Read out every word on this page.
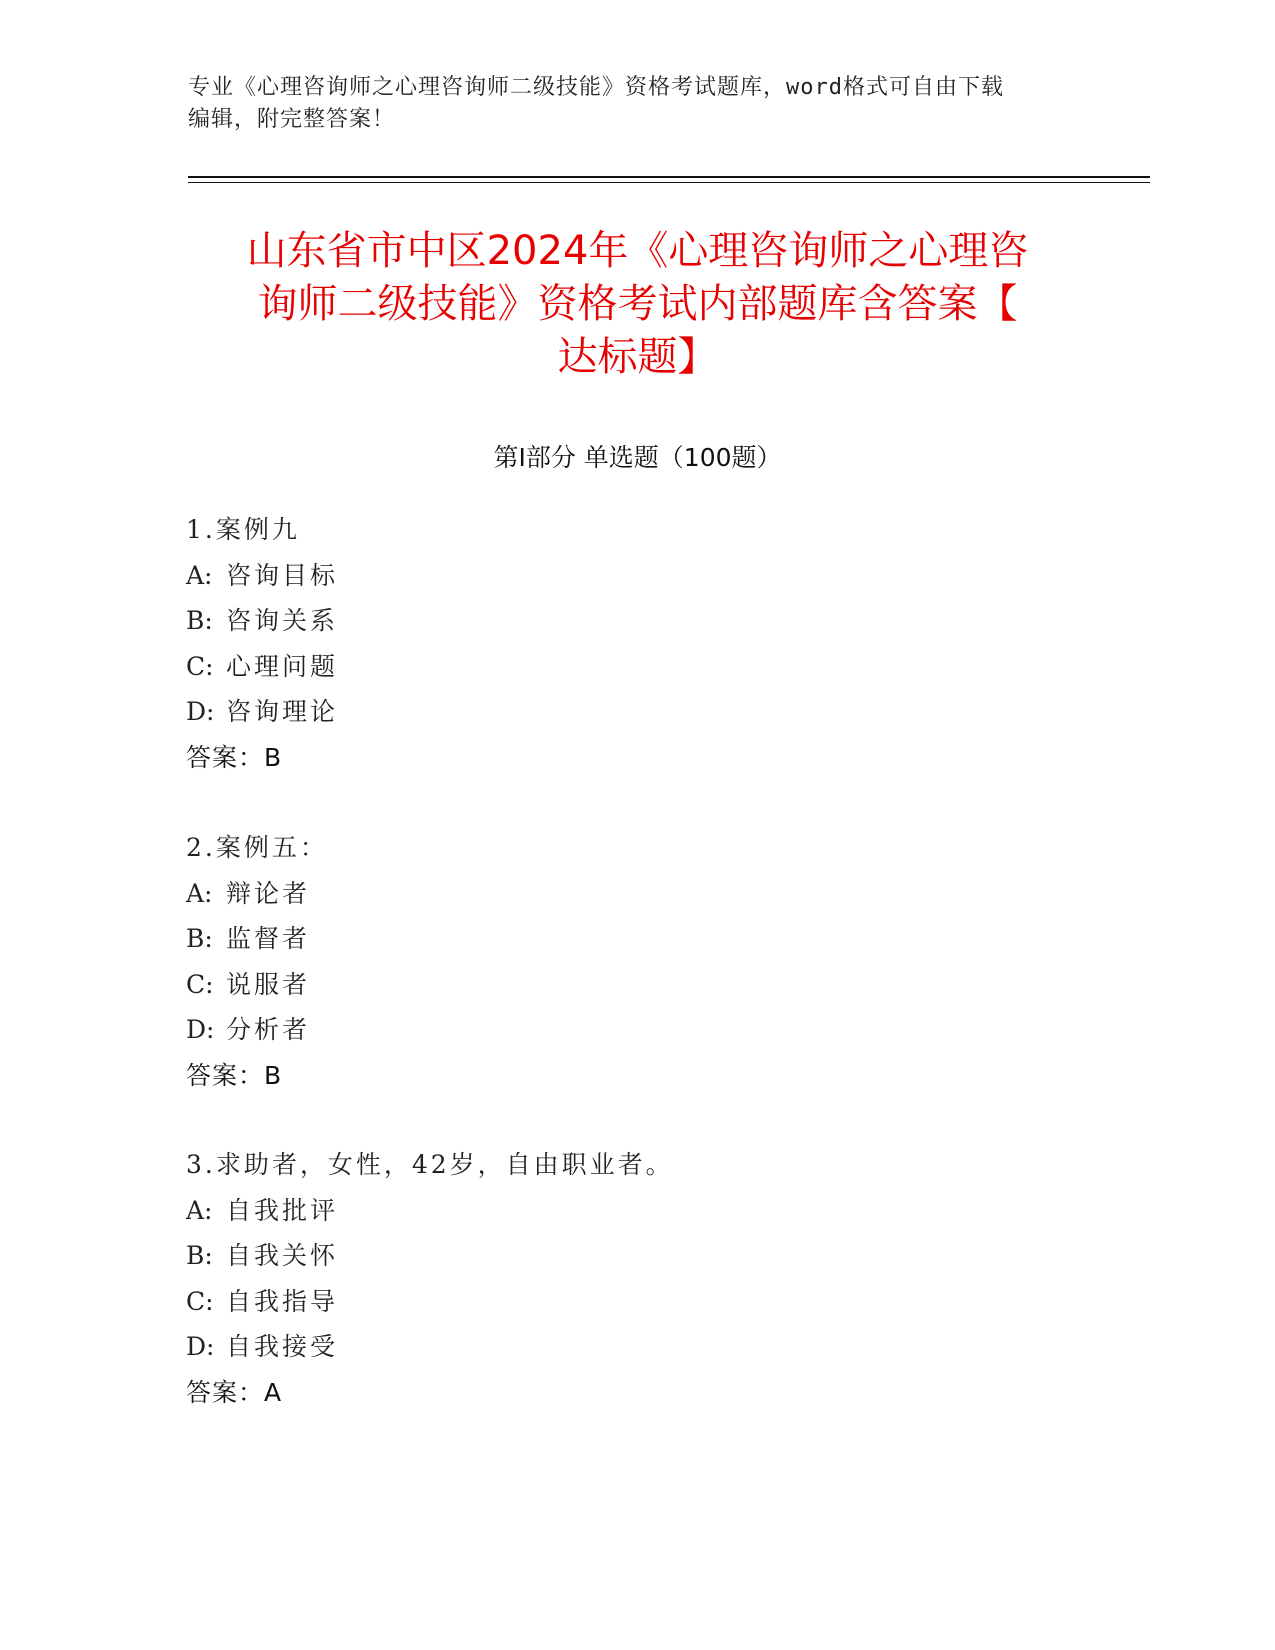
专业《心理咨询师之心理咨询师二级技能》资格考试题库，word格式可自由下载
编辑，附完整答案！
山东省市中区2024年《心理咨询师之心理咨
询师二级技能》资格考试内部题库含答案【
达标题】
第Ⅰ部分 单选题（100题）
1.案例九
A: 咨询目标
B: 咨询关系
C: 心理问题
D: 咨询理论
答案：B
2.案例五：
A: 辩论者
B: 监督者
C: 说服者
D: 分析者
答案：B
3.求助者，女性，42岁，自由职业者。
A: 自我批评
B: 自我关怀
C: 自我指导
D: 自我接受
答案：A
